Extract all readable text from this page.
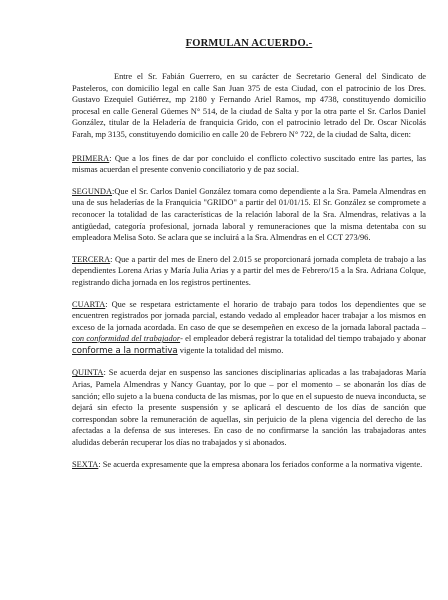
FORMULAN ACUERDO.-

Entre el Sr. Fabián Guerrero, en su carácter de Secretario General del Sindicato de Pasteleros, con domicilio legal en calle San Juan 375 de esta Ciudad, con el patrocinio de los Dres. Gustavo Ezequiel Gutiérrez, mp 2180 y Fernando Ariel Ramos, mp 4738, constituyendo domicilio procesal en calle General Güemes N° 514, de la ciudad de Salta y por la otra parte el Sr. Carlos Daniel González, titular de la Heladería de franquicia Grido, con el patrocinio letrado del Dr. Oscar Nicolás Farah, mp 3135, constituyendo domicilio en calle 20 de Febrero N° 722, de la ciudad de Salta, dicen:

PRIMERA: Que a los fines de dar por concluido el conflicto colectivo suscitado entre las partes, las mismas acuerdan el presente convenio conciliatorio y de paz social.

SEGUNDA:Que el Sr. Carlos Daniel González tomara como dependiente a la Sra. Pamela Almendras en una de sus heladerías de la Franquicia "GRIDO" a partir del 01/01/15. El Sr. González se compromete a reconocer la totalidad de las características de la relación laboral de la Sra. Almendras, relativas a la antigüedad, categoría profesional, jornada laboral y remuneraciones que la misma detentaba con su empleadora Melisa Soto. Se aclara que se incluirá a la Sra. Almendras en el CCT 273/96.

TERCERA: Que a partir del mes de Enero del 2.015 se proporcionará jornada completa de trabajo a las dependientes Lorena Arias y María Julia Arias y a partir del mes de Febrero/15 a la Sra. Adriana Colque, registrando dicha jornada en los registros pertinentes.

CUARTA: Que se respetara estrictamente el horario de trabajo para todos los dependientes que se encuentren registrados por jornada parcial, estando vedado al empleador hacer trabajar a los mismos en exceso de la jornada acordada. En caso de que se desempeñen en exceso de la jornada laboral pactada –con conformidad del trabajador- el empleador deberá registrar la totalidad del tiempo trabajado y abonar conforme a la normativa vigente la totalidad del mismo.

QUINTA: Se acuerda dejar en suspenso las sanciones disciplinarias aplicadas a las trabajadoras María Arias, Pamela Almendras y Nancy Guantay, por lo que – por el momento – se abonarán los días de sanción; ello sujeto a la buena conducta de las mismas, por lo que en el supuesto de nueva inconducta, se dejará sin efecto la presente suspensión y se aplicará el descuento de los días de sanción que correspondan sobre la remuneración de aquellas, sin perjuicio de la plena vigencia del derecho de las afectadas a la defensa de sus intereses. En caso de no confirmarse la sanción las trabajadoras antes aludidas deberán recuperar los días no trabajados y si abonados.

SEXTA: Se acuerda expresamente que la empresa abonara los feriados conforme a la normativa vigente.
